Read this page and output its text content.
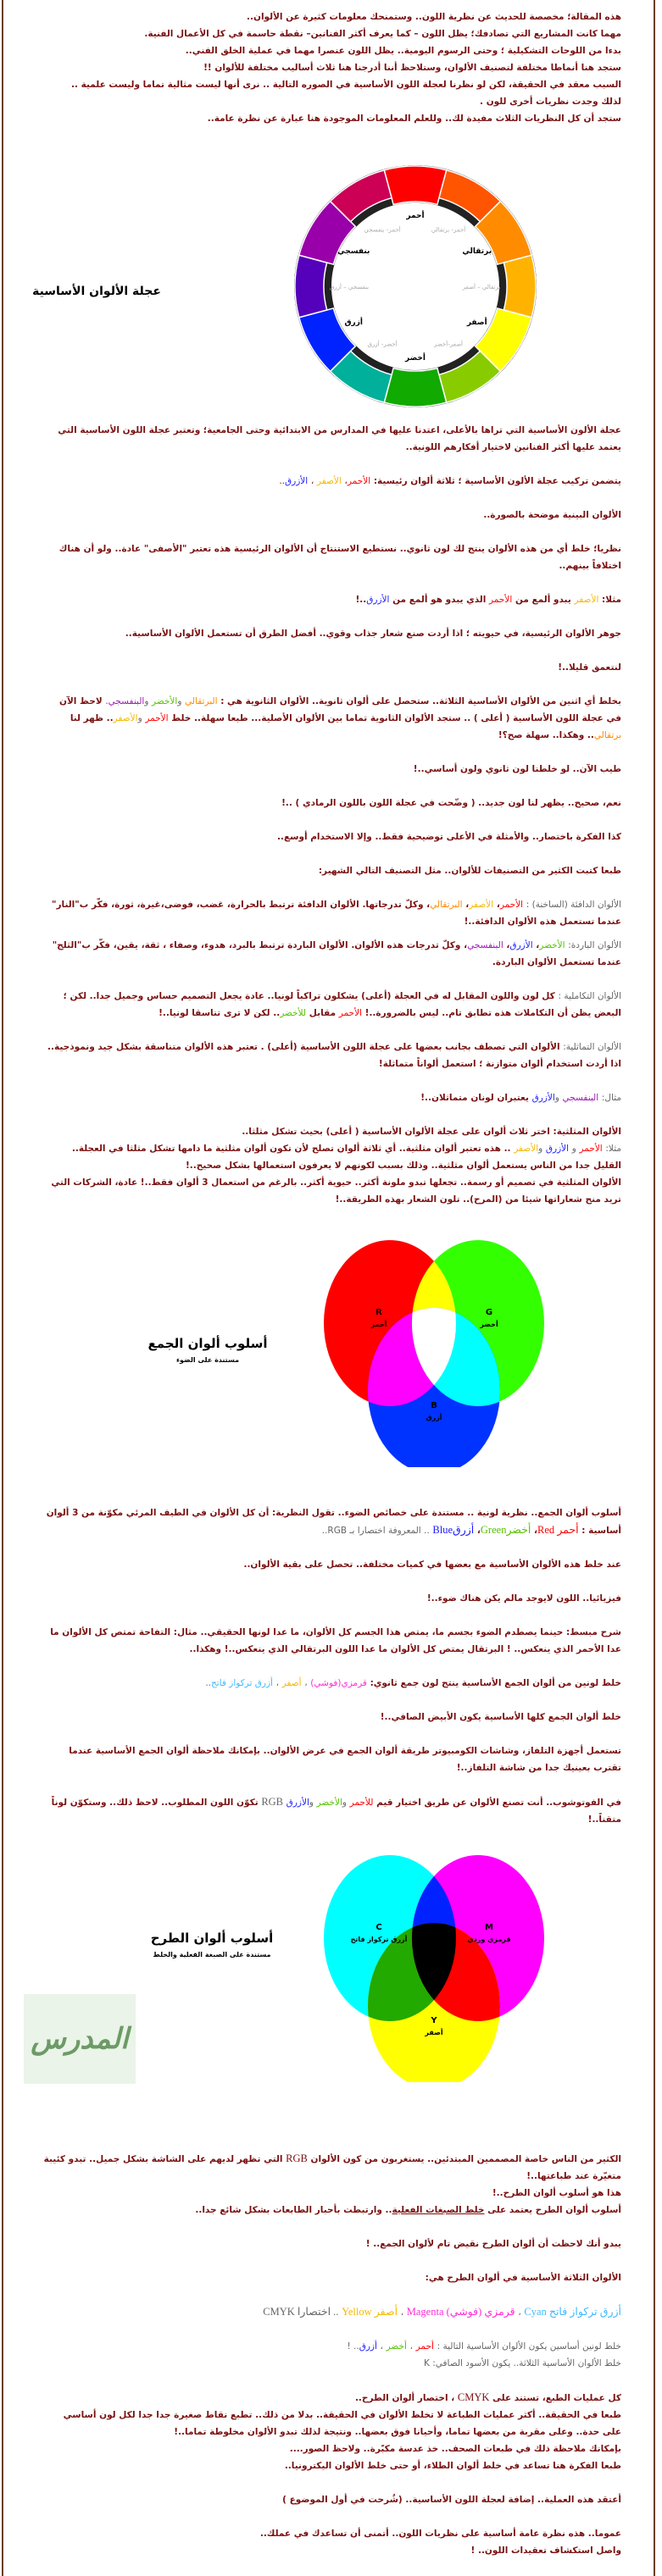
هذه المقالة؛ مخصصة للحديث عن نظرية اللون.. وستمنحك معلومات كثيرة عن الألوان..

مهما كانت المشاريع التي تصادفك؛ يظل اللون – كما يعرف أكثر الفنانين– نقطة حاسمة في كل الأعمال الفنية.

بدءا من اللوحات التشكيلية ؛ وحتى الرسوم اليومية.. يظل اللون عنصرا مهما في عملية الخلق الفني..

ستجد هنا أنماطا مختلفة لتصنيف الألوان، وستلاحظ أننا أدرجنا هنا ثلاث أساليب مختلفة للألوان !!

السبب معقد في الحقيقة، لكن لو نظرنا لعجلة اللون الأساسية في الصوره التالية .. نرى أنها ليست مثالية تماما وليست علمية ..

لذلك وجدت نظريات أخرى للون .

ستجد أن كل النظريات الثلاث مفيدة لك.. وللعلم المعلومات الموجودة هنا عبارة عن نظرة عامة..

عجلة الألوان الأساسية
أحمر
أحمر- برتقالي
برتقالي
برتقالي – أصفر
أصفر
أصفر-أخضر
أخضر
أخضر- أزرق
أزرق
بنفسجي – أزرق
بنفسجي
أحمر- بنفسجي

عجلة الألون الأساسية التي تراها بالأعلى، اعتدنا عليها في المدارس من الابتدائية وحتى الجامعية؛ وتعتبر عجلة اللون الأساسية التي يعتمد عليها أكثر الفنانين لاختيار أفكارهم اللونية..

يتضمن تركيب عجلة الألون الأساسية ؛ ثلاثة ألوان رئيسية: الأحمر، الأصفر ، الأزرق..

الألوان البينية موضحة بالصورة..

نظريا؛ خلط أي من هذه الألوان ينتج لك لون ثانوي.. نستطيع الاستنتاج أن الألوان الرئيسية هذه تعتبر "الأصفى" عادة.. ولو أن هناك اختلافاً بينهم..

مثلا: الأصفر يبدو ألمع من الأحمر الذي يبدو هو ألمع من الأزرق..!

جوهر الألوان الرئيسية، في حيويته ؛ اذا أردت صنع شعار جذاب وقوي.. أفضل الطرق أن تستعمل الألوان الأساسية..

لنتعمق قليلا..!

بخلط أي اثنين من الألوان الأساسية الثلاثة.. ستحصل على ألوان ثانوية.. الألوان الثانوية هي : البرتقالي والأخضر والبنفسجي. لاحظ الآن في عجلة اللون الأساسية ( أعلى ) .. ستجد الألوان الثانوية تماما بين الألوان الأصلية... طبعا سهلة.. خلط الأحمر والأصفر.. ظهر لنا برتقالي.. وهكذا.. سهلة صح؟!

طيب الآن.. لو خلطنا لون ثانوي ولون أساسي..!

نعم، صحيح.. يظهر لنا لون جديد.. ( وضّحت في عجلة اللون باللون الرمادي ) ..!

كذا الفكرة باختصار.. والأمثلة في الأعلى توضيحية فقط.. وإلا الاستخدام أوسع..

طبعا كتبت الكثير من التصنيفات للألوان.. مثل التصنيف التالي الشهير:

الألوان الدافئة (الساخنة) : الأحمر، الأصفر، البرتقالي، وكلّ تدرجاتها. الألوان الدافئة ترتبط بالحرارة، غضب، فوضى،غيرة، ثورة، فكّر ب"النار" عندما تستعمل هذه الألوان الدافئة..!

الألوان الباردة: الأخضر، الأزرق، البنفسجي، وكلّ تدرجات هذه الألوان. الألوان الباردة ترتبط بالبرد، هدوء، وصفاء ، ثقة، يقين، فكّر ب"الثلج" عندما تستعمل الألوان الباردة.

الألوان التكاملية : كل لون واللون المقابل له في العجلة (أعلى) يشكلون تراكباً لونيا.. عادة يجعل التصميم حساس وجميل جدا.. لكن ؛ البعض يظن أن التكاملات هذه تطابق تام.. ليس بالضرورة..! الأحمر مقابل للأخضر.. لكن لا ترى تناسقا لونيا..!

الألوان التماثلية: الألوان التي تصطف بجانب بعضها على عجلة اللون الأساسية (أعلى) . تعتبر هذه الألوان متناسقة بشكل جيد ونموذجية.. اذا أردت استخدام ألوان متوازنة ؛ استعمل ألواناً متماثلة!

مثال: البنفسجي والأزرق يعتبران لونان متماثلان..!

الألوان المثلثية: اختر ثلاث ألوان على عجلة الألوان الأساسية ( أعلى) بحيث تشكل مثلثا..

مثلا: الأحمر و الأزرق والأصفر .. هذه تعتبر ألوان مثلثية.. أي ثلاثة ألوان تصلح لأن تكون ألوان مثلثية ما دامها تشكل مثلثا في العجلة.. القليل جدا من الناس يستعمل ألوان مثلثية.. وذلك بسبب لكونهم لا يعرفون استعمالها بشكل صحيح..!

الألوان المثلثية في تصميم أو رسمة.. تجعلها تبدو ملونة أكثر.. حيوية أكثر.. بالرغم من استعمال 3 ألوان فقط..! عادة، الشركات التي تريد منح شعاراتها شيئا من (المرح).. تلون الشعار بهذه الطريقة..!

أسلوب ألوان الجمع
مستندة على الضوء
R
أحمر
G
أخضر
B
أزرق

أسلوب ألوان الجمع.. نظرية لونية .. مستندة على خصائص الضوء.. تقول النظرية: أن كل الألوان في الطيف المرئي مكوّنة من 3 ألوان أساسية : أحمر Red، أخضرGreen، أزرقBlue .. المعروفة اختصارا بـ RGB..

عند خلط هذه الألوان الأساسية مع بعضها في كميات مختلفة.. تحصل على بقية الألوان..

فيزيائيا.. اللون لايوجد مالم يكن هناك ضوء..!

شرح مبسط: حينما يصطدم الضوء بجسم ما، يمتص هذا الجسم كل الألوان، ما عدا لونها الحقيقي.. مثال: التفاحة تمتص كل الألوان ما عدا الأحمر الذي ينعكس.. ! البرتقال يمتص كل الألوان ما عدا اللون البرتقالي الذي ينعكس..! وهكذا..

خلط لونين من ألوان الجمع الأساسية ينتج لون جمع ثانوي: قرمزي(فوشي) ، أصفر ، أزرق تركواز فاتح..

خلط ألوان الجمع كلها الأساسية يكون الأبيض الصافي..!

تستعمل أجهزة التلفاز، وشاشات الكومبيوتر طريقة ألوان الجمع في عرض الألوان.. بإمكانك ملاحظة ألوان الجمع الأساسية عندما تقترب بعينيك جدا من شاشة التلفاز..!

في الفوتوشوب.. أنت تصنع الألوان عن طريق اختيار قيم للأحمر والأخضر والأزرق RGB تكوّن اللون المطلوب.. لاحظ ذلك.. وستكوّن لوناً متقناً..!

أسلوب ألوان الطرح
مستندة على الصبغة الفعلية والخلط
C
أزرق تركواز فاتح
M
قرمزي وردي
Y
أصفر
المدرس

الكثير من الناس خاصة المصممين المبتدئين.. يستغربون من كون الألوان RGB التي تظهر لديهم على الشاشة بشكل جميل.. تبدو كئيبة متغيّرة عند طباعتها..!

هذا هو أسلوب ألوان الطرح..!

أسلوب ألوان الطرح يعتمد على خلط الصبغات الفعلية.. وارتبطت بأحبار الطابعات بشكل شائع جدا..

يبدو أنك لاحظت أن ألوان الطرح نقيض تام لألوان الجمع.. !

الألوان الثلاثة الأساسية في ألوان الطرح هي:

أزرق تركواز فاتح Cyan ، قرمزي (فوشي) Magenta ، أصفر Yellow .. اختصارا CMYK

خلط لونين أساسين يكون الألوان الأساسية التالية : أحمر ، أخضر ، أزرق.. !

خلط الألوان الأساسية الثلاثة.. يكون الأسود الصافي: K

كل عمليات الطبع، تستند على CMYK ، اختصار ألوان الطرح..

طبعا في الحقيقة.. أكثر عمليات الطباعة لا تخلط الألوان في الحقيقة.. بدلا من ذلك.. تطبع نقاط صغيرة جدا جدا لكل لون أساسي على حدة.. وعلى مقربة من بعضها تماما، وأحيانا فوق بعضها.. ونتيجة لذلك تبدو الألوان مخلوطة تماما..!

بإمكانك ملاحظة ذلك في طبعات الصحف.. خذ عدسة مكبّرة.. ولاحظ الصور....

طبعا الفكرة هنا تساعد في خلط ألوان الطلاء، أو حتى خلط الألوان اليكترونيا..

أعتقد هذه العملية.. إضافة لعجلة اللون الأساسية.. (شُرحت في أول الموضوع )

عموما.. هذه نظرة عامة أساسية على نظريات اللون.. أتمنى أن تساعدك في عملك..

واصل استكشاف تعقيدات اللون.. !
